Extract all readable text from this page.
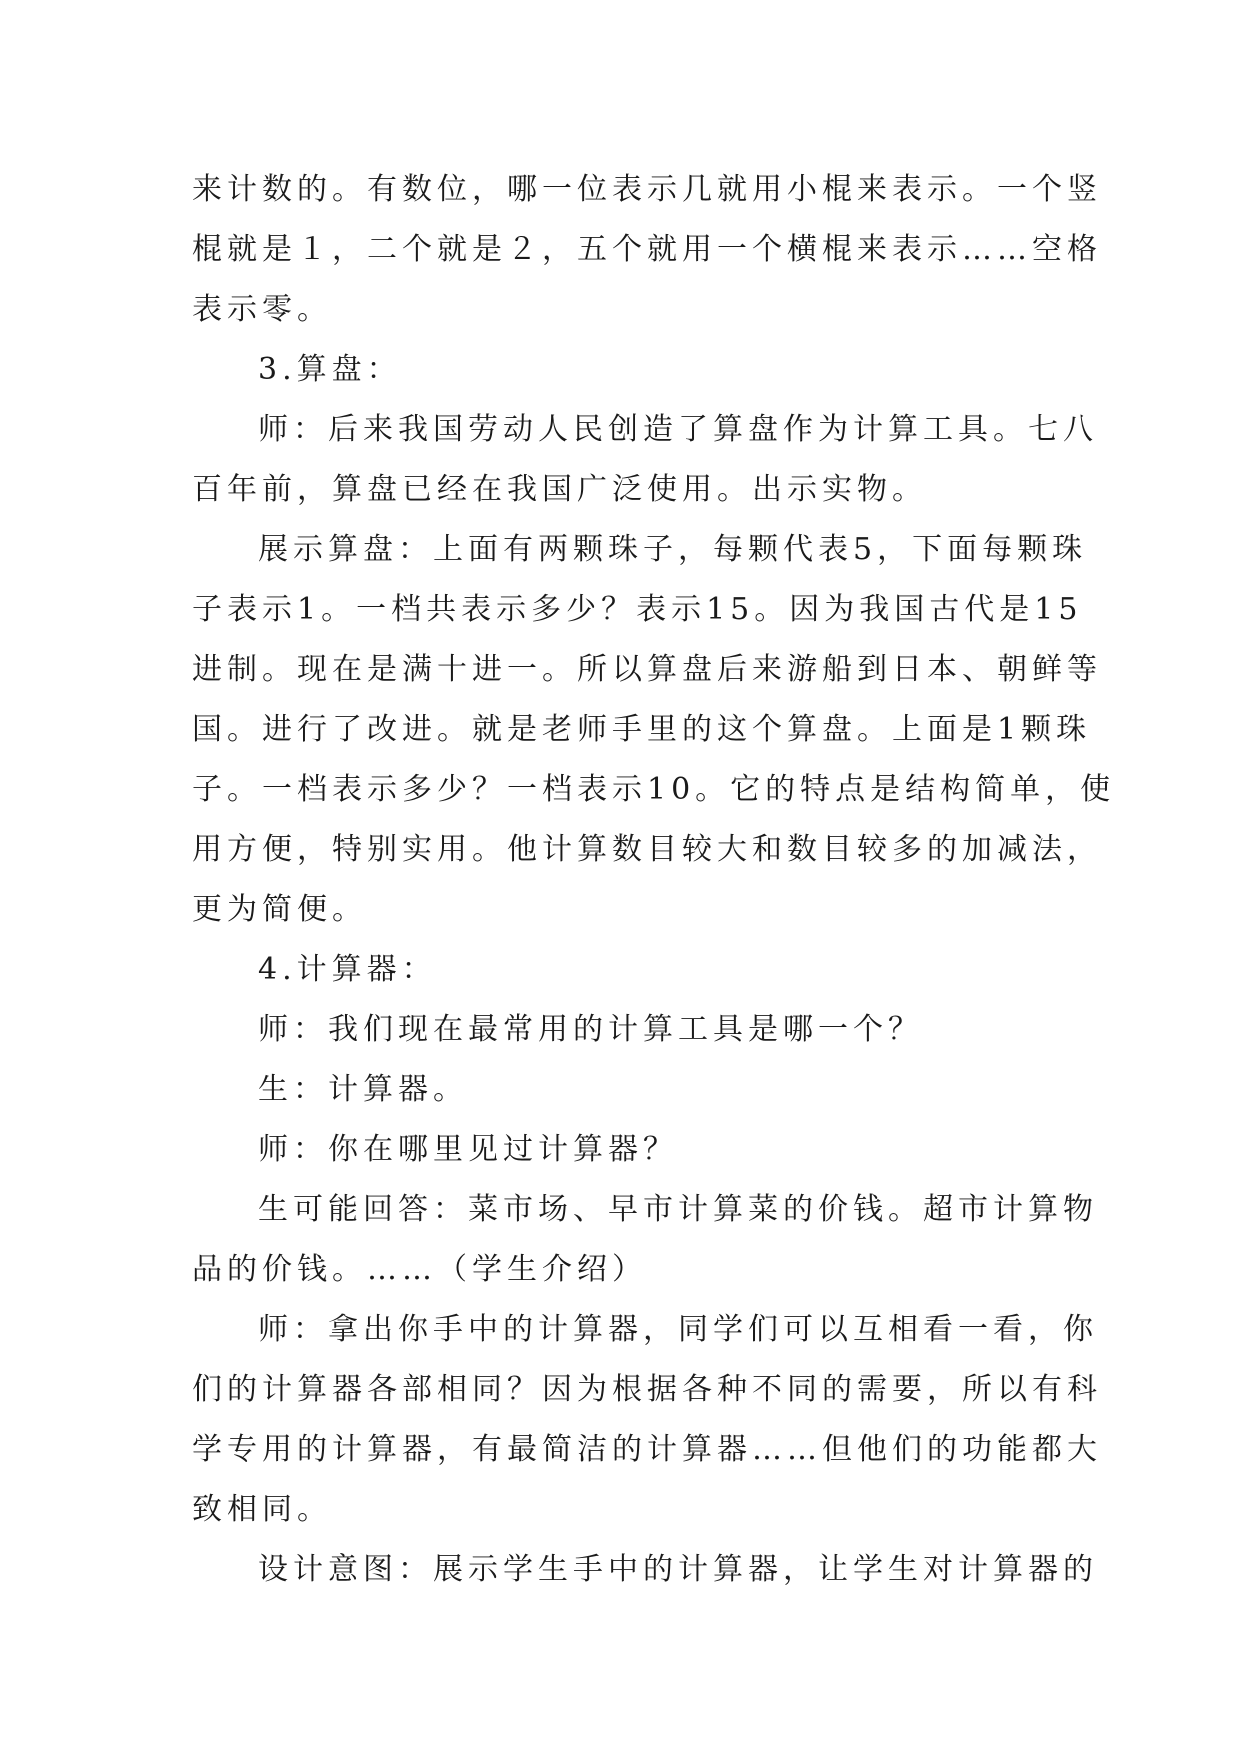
来计数的。有数位，哪一位表示几就用小棍来表示。一个竖
棍就是１，二个就是２，五个就用一个横棍来表示……空格
表示零。
3.算盘：
师：后来我国劳动人民创造了算盘作为计算工具。七八
百年前，算盘已经在我国广泛使用。出示实物。
展示算盘：上面有两颗珠子，每颗代表5，下面每颗珠
子表示1。一档共表示多少？表示15。因为我国古代是15
进制。现在是满十进一。所以算盘后来游船到日本、朝鲜等
国。进行了改进。就是老师手里的这个算盘。上面是1颗珠
子。一档表示多少？一档表示10。它的特点是结构简单，使
用方便，特别实用。他计算数目较大和数目较多的加减法，
更为简便。
4.计算器：
师：我们现在最常用的计算工具是哪一个？
生：计算器。
师：你在哪里见过计算器？
生可能回答：菜市场、早市计算菜的价钱。超市计算物
品的价钱。……（学生介绍）
师：拿出你手中的计算器，同学们可以互相看一看，你
们的计算器各部相同？因为根据各种不同的需要，所以有科
学专用的计算器，有最简洁的计算器……但他们的功能都大
致相同。
设计意图：展示学生手中的计算器，让学生对计算器的
